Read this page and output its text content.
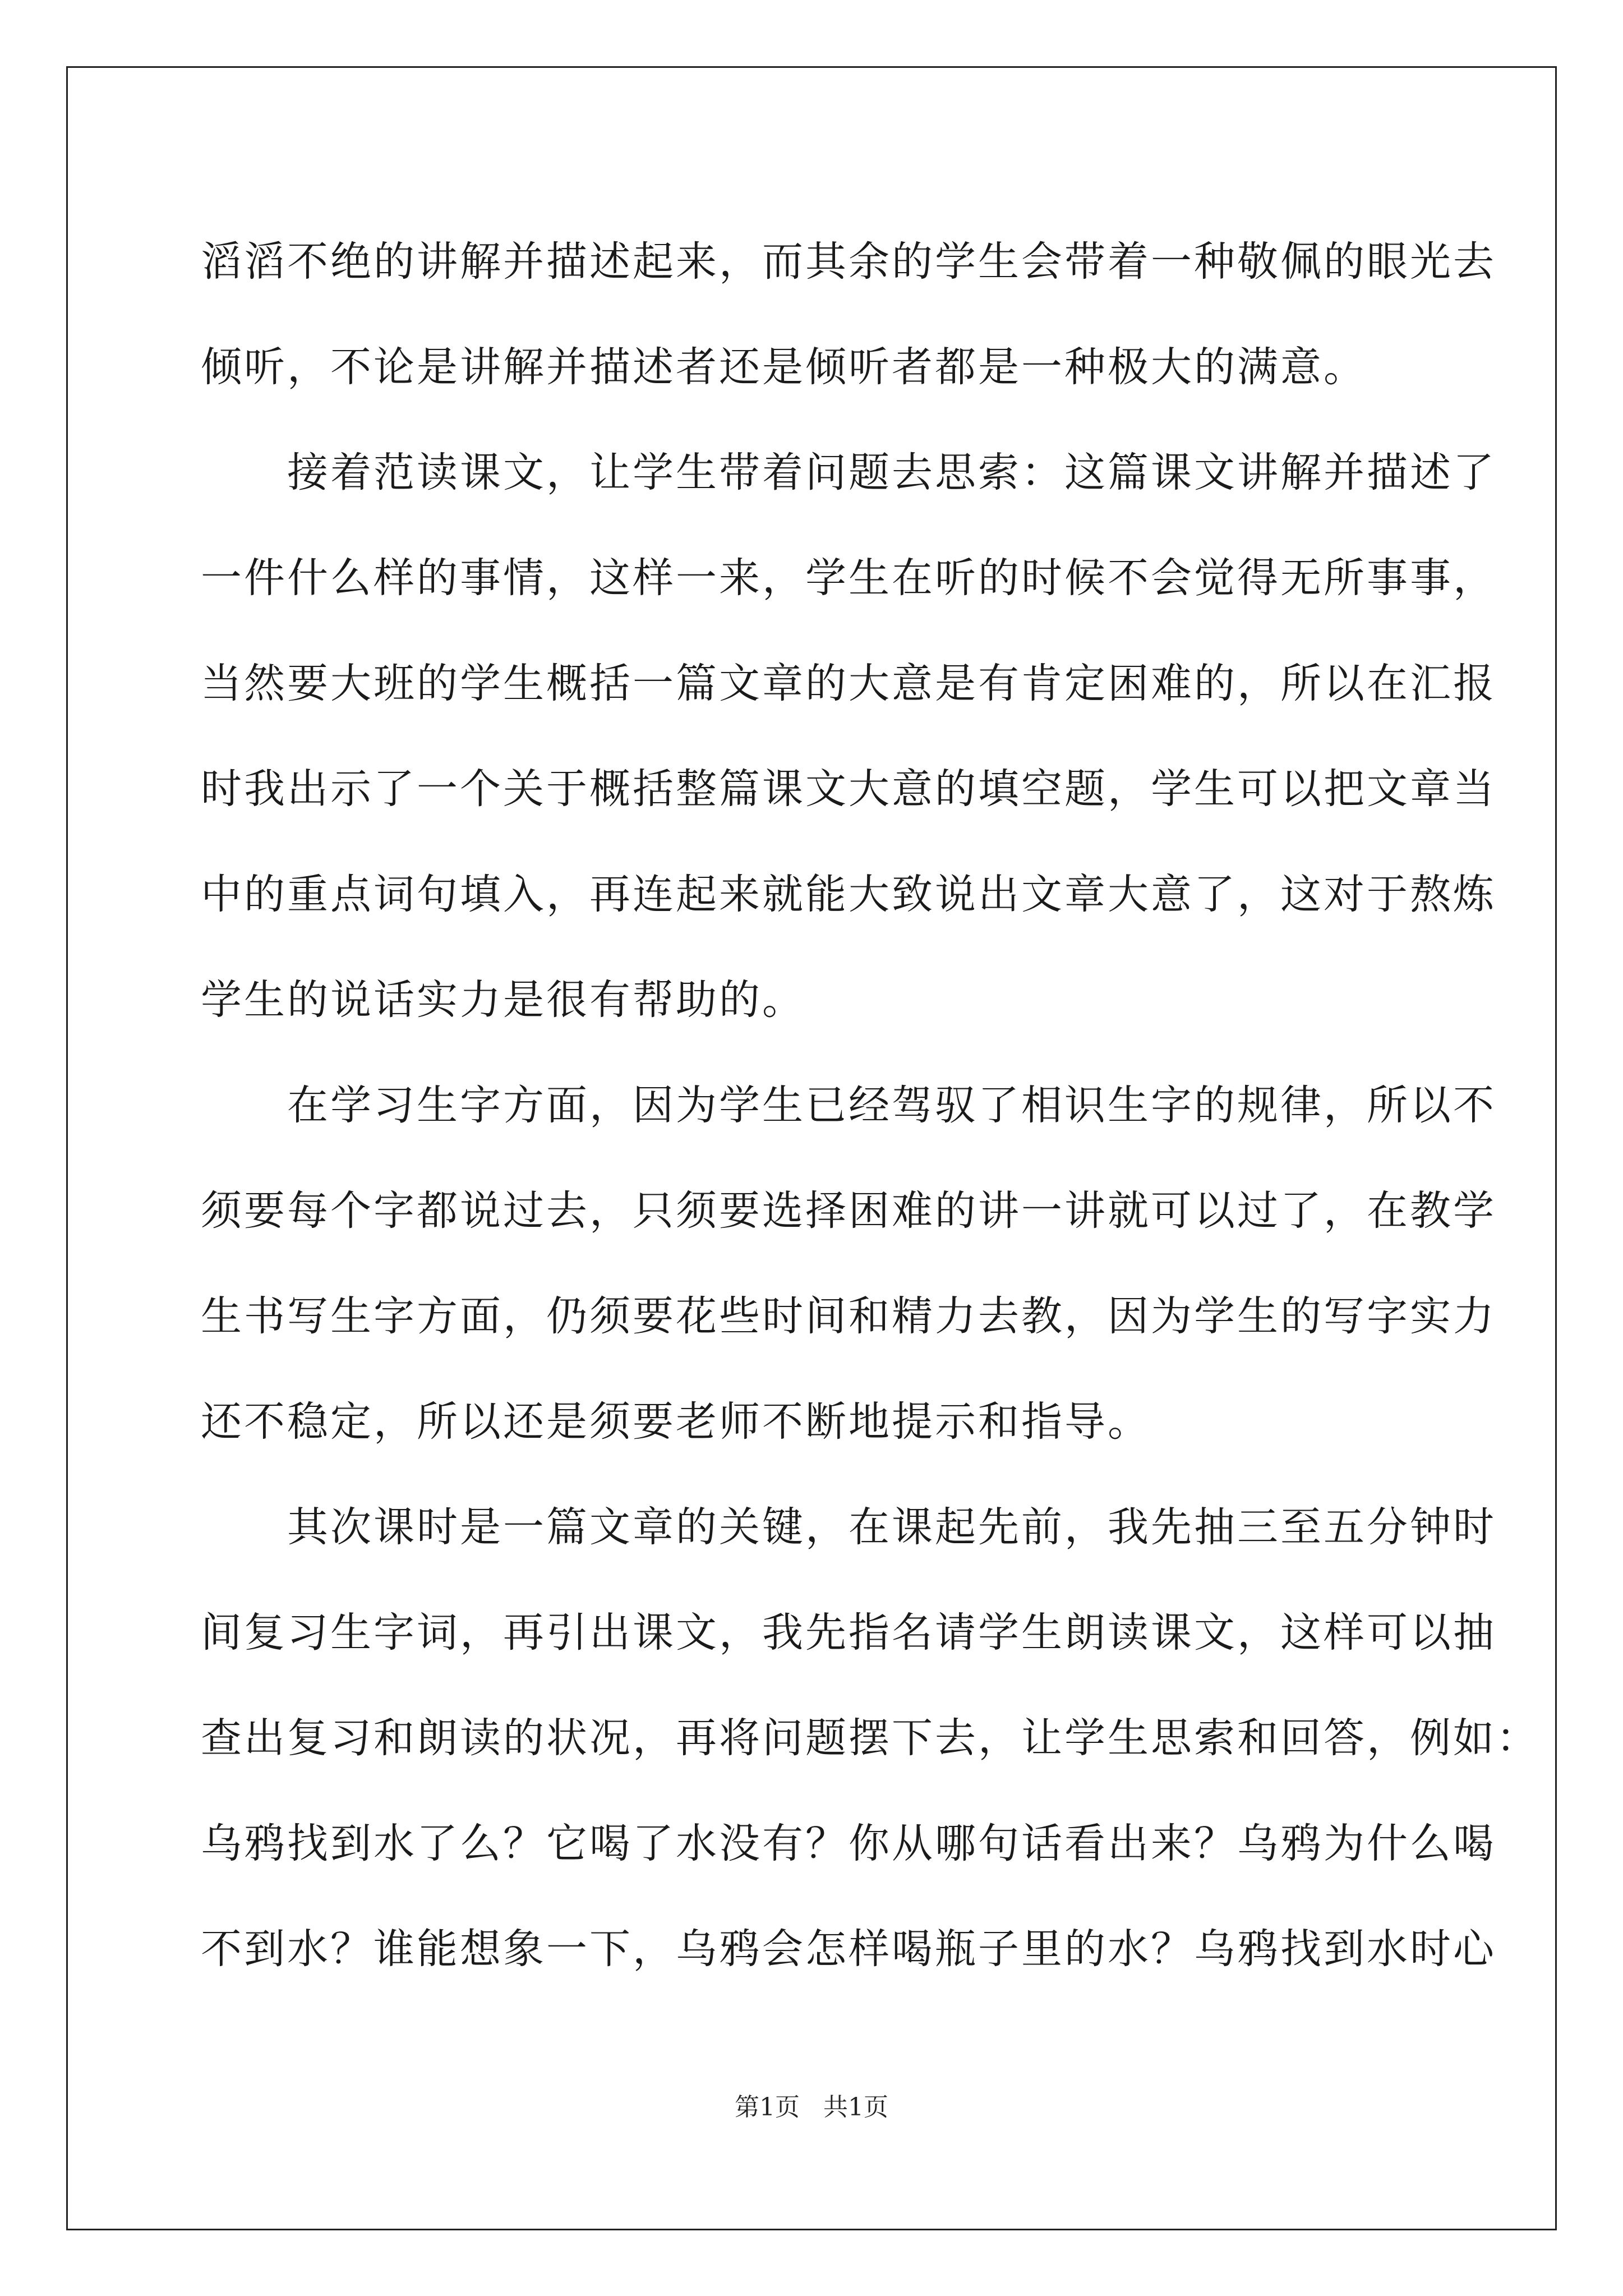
滔滔不绝的讲解并描述起来，而其余的学生会带着一种敬佩的眼光去
倾听，不论是讲解并描述者还是倾听者都是一种极大的满意。
　　接着范读课文，让学生带着问题去思索：这篇课文讲解并描述了
一件什么样的事情，这样一来，学生在听的时候不会觉得无所事事，
当然要大班的学生概括一篇文章的大意是有肯定困难的，所以在汇报
时我出示了一个关于概括整篇课文大意的填空题，学生可以把文章当
中的重点词句填入，再连起来就能大致说出文章大意了，这对于熬炼
学生的说话实力是很有帮助的。
　　在学习生字方面，因为学生已经驾驭了相识生字的规律，所以不
须要每个字都说过去，只须要选择困难的讲一讲就可以过了，在教学
生书写生字方面，仍须要花些时间和精力去教，因为学生的写字实力
还不稳定，所以还是须要老师不断地提示和指导。
　　其次课时是一篇文章的关键，在课起先前，我先抽三至五分钟时
间复习生字词，再引出课文，我先指名请学生朗读课文，这样可以抽
查出复习和朗读的状况，再将问题摆下去，让学生思索和回答，例如：
乌鸦找到水了么？它喝了水没有？你从哪句话看出来？乌鸦为什么喝
不到水？谁能想象一下，乌鸦会怎样喝瓶子里的水？乌鸦找到水时心
第1页   共1页
